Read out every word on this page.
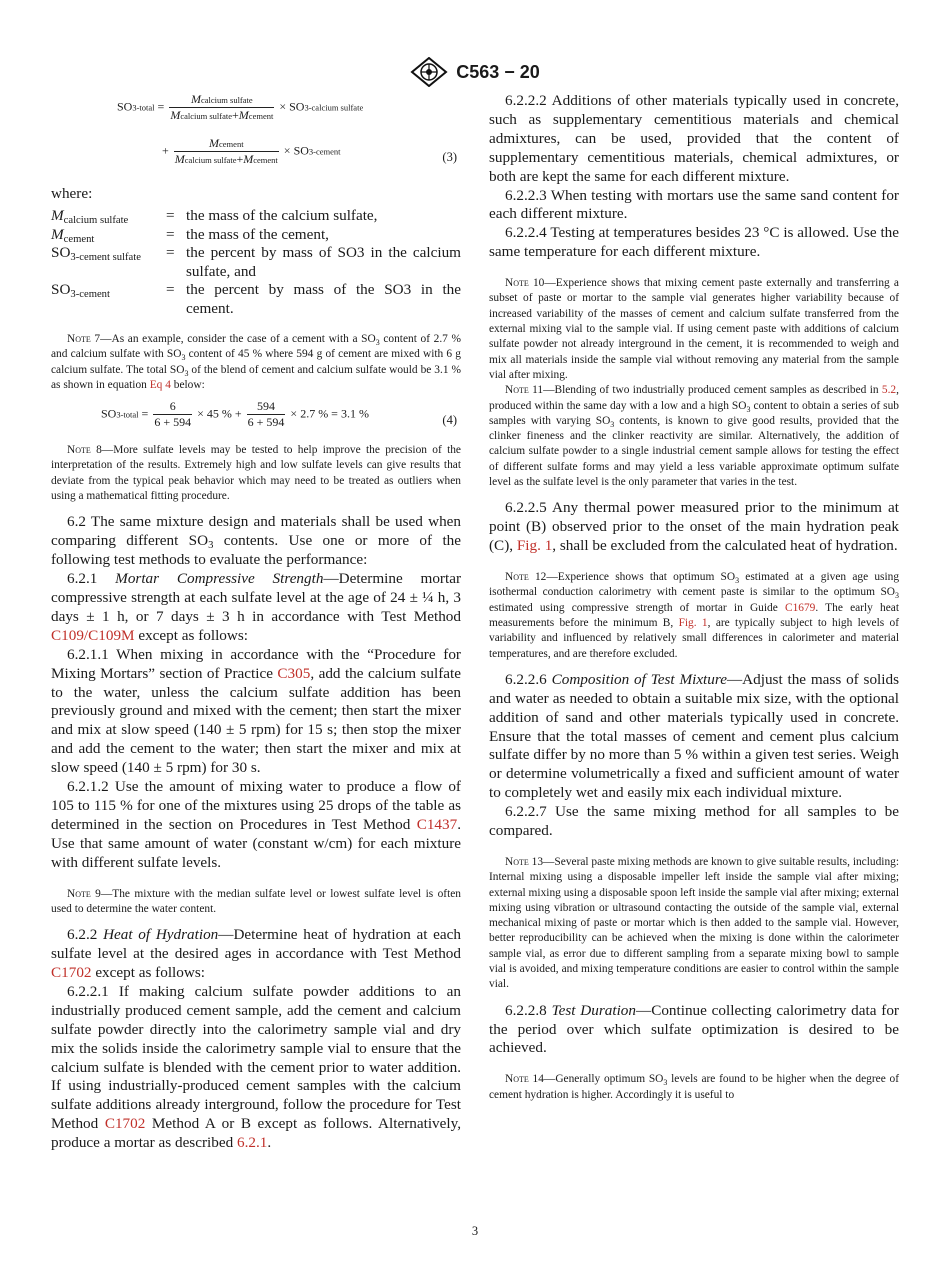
C563 − 20
SO3-total = $\frac{\text{Mcalcium sulfate}}{\text{Mcalcium sulfate+Mcement}}$ × SO3-calcium sulfate
+ $\frac{\text{Mcement}}{\text{Mcalcium sulfate+Mcement}}$ × SO3-cement	(3)

where:

$M_{calcium sulfate}$	= the mass of the calcium sulfate,
$M_{cement}$	= the mass of the cement,
$SO_{3-cement sulfate}$	= the percent by mass of SO3 in the calcium sulfate, and
$SO_{3-cement}$	= the percent by mass of the SO3 in the cement.

Note 7—As an example, consider the case of a cement with a $SO_3$ content of 2.7 % and calcium sulfate with $SO_3$ content of 45 % where 594 g of cement are mixed with 6 g calcium sulfate. The total $SO_3$ of the blend of cement and calcium sulfate would be 3.1 % as shown in equation Eq 4 below:

SO3-total = $\frac{6}{6 + 594} \times 45$ % + $\frac{594}{6 + 594} \times 2.7$ % = 3.1 %	(4)

Note 8—More sulfate levels may be tested to help improve the precision of the interpretation of the results. Extremely high and low sulfate levels can give results that deviate from the typical peak behavior which may need to be treated as outliers when using a mathematical fitting procedure.

6.2 The same mixture design and materials shall be used when comparing different $SO_3$ contents. Use one or more of the following test methods to evaluate the performance:

6.2.1 Mortar Compressive Strength—Determine mortar compressive strength at each sulfate level at the age of 24 ± ¼ h, 3 days ± 1 h, or 7 days ± 3 h in accordance with Test Method C109/C109M except as follows:

6.2.1.1 When mixing in accordance with the “Procedure for Mixing Mortars” section of Practice C305, add the calcium sulfate to the water, unless the calcium sulfate addition has been previously ground and mixed with the cement; then start the mixer and mix at slow speed (140 ± 5 rpm) for 15 s; then stop the mixer and add the cement to the water; then start the mixer and mix at slow speed (140 ± 5 rpm) for 30 s.

6.2.1.2 Use the amount of mixing water to produce a flow of 105 to 115 % for one of the mixtures using 25 drops of the table as determined in the section on Procedures in Test Method C1437. Use that same amount of water (constant w/cm) for each mixture with different sulfate levels.

Note 9—The mixture with the median sulfate level or lowest sulfate level is often used to determine the water content.

6.2.2 Heat of Hydration—Determine heat of hydration at each sulfate level at the desired ages in accordance with Test Method C1702 except as follows:

6.2.2.1 If making calcium sulfate powder additions to an industrially produced cement sample, add the cement and calcium sulfate powder directly into the calorimetry sample vial and dry mix the solids inside the calorimetry sample vial to ensure that the calcium sulfate is blended with the cement prior to water addition. If using industrially-produced cement samples with the calcium sulfate additions already interground, follow the procedure for Test Method C1702 Method A or B except as follows. Alternatively, produce a mortar as described 6.2.1.

6.2.2.2 Additions of other materials typically used in concrete, such as supplementary cementitious materials and chemical admixtures, can be used, provided that the content of supplementary cementitious materials, chemical admixtures, or both are kept the same for each different mixture.

6.2.2.3 When testing with mortars use the same sand content for each different mixture.

6.2.2.4 Testing at temperatures besides 23 °C is allowed. Use the same temperature for each different mixture.

Note 10—Experience shows that mixing cement paste externally and transferring a subset of paste or mortar to the sample vial generates higher variability because of increased variability of the masses of cement and calcium sulfate transferred from the external mixing vial to the sample vial. If using cement paste with additions of calcium sulfate powder not already interground in the cement, it is recommended to weigh and mix all materials inside the sample vial without removing any material from the sample vial after mixing.

Note 11—Blending of two industrially produced cement samples as described in 5.2, produced within the same day with a low and a high $SO_3$ content to obtain a series of sub samples with varying $SO_3$ contents, is known to give good results, provided that the clinker fineness and the clinker reactivity are similar. Alternatively, the addition of calcium sulfate powder to a single industrial cement sample allows for testing the effect of different sulfate forms and may yield a less variable approximate optimum sulfate level as the sulfate level is the only parameter that varies in the test.

6.2.2.5 Any thermal power measured prior to the minimum at point (B) observed prior to the onset of the main hydration peak (C), Fig. 1, shall be excluded from the calculated heat of hydration.

Note 12—Experience shows that optimum $SO_3$ estimated at a given age using isothermal conduction calorimetry with cement paste is similar to the optimum $SO_3$ estimated using compressive strength of mortar in Guide C1679. The early heat measurements before the minimum B, Fig. 1, are typically subject to high levels of variability and influenced by relatively small differences in calorimeter and material temperatures, and are therefore excluded.

6.2.2.6 Composition of Test Mixture—Adjust the mass of solids and water as needed to obtain a suitable mix size, with the optional addition of sand and other materials typically used in concrete. Ensure that the total masses of cement and cement plus calcium sulfate differ by no more than 5 % within a given test series. Weigh or determine volumetrically a fixed and sufficient amount of water to completely wet and easily mix each individual mixture.

6.2.2.7 Use the same mixing method for all samples to be compared.

Note 13—Several paste mixing methods are known to give suitable results, including: Internal mixing using a disposable impeller left inside the sample vial after mixing; external mixing using a disposable spoon left inside the sample vial after mixing; external mixing using vibration or ultrasound contacting the outside of the sample vial, external mechanical mixing of paste or mortar which is then added to the sample vial. However, better reproducibility can be achieved when the mixing is done within the calorimeter sample vial, as error due to different sampling from a separate mixing bowl to sample vial is avoided, and mixing temperature conditions are easier to control within the sample vial.

6.2.2.8 Test Duration—Continue collecting calorimetry data for the period over which sulfate optimization is desired to be achieved.

Note 14—Generally optimum $SO_3$ levels are found to be higher when the degree of cement hydration is higher. Accordingly it is useful to

3
